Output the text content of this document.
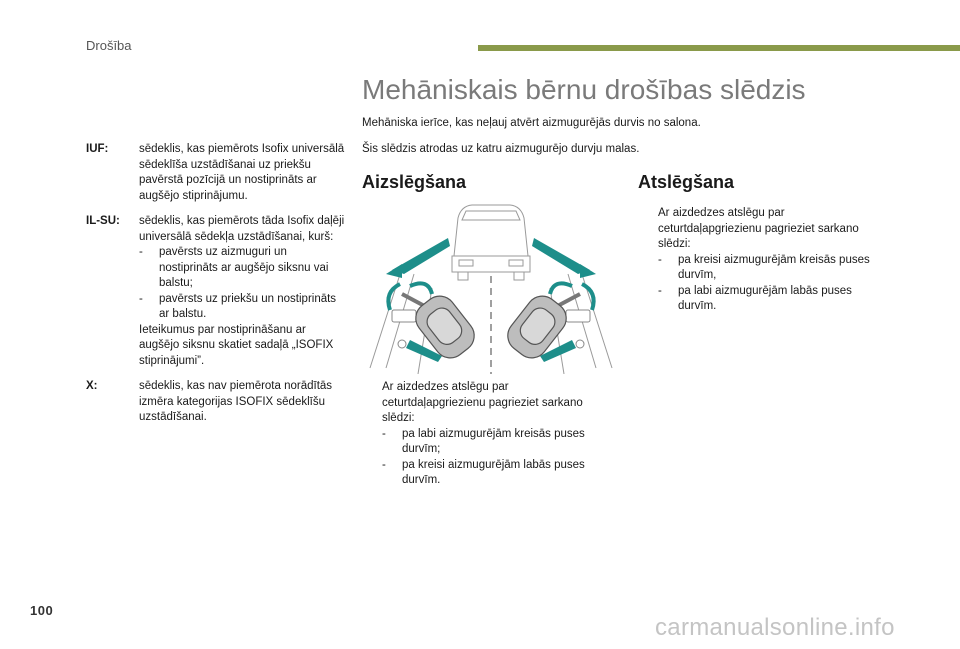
Drošība
IUF:	sēdeklis, kas piemērots Isofix universālā sēdeklīša uzstādīšanai uz priekšu pavērstā pozīcijā un nostiprināts ar augšējo stiprinājumu.
IL-SU:	sēdeklis, kas piemērots tāda Isofix daļēji universālā sēdekļa uzstādīšanai, kurš:
- pavērsts uz aizmuguri un nostiprināts ar augšējo siksnu vai balstu;
- pavērsts uz priekšu un nostiprināts ar balstu.
Ieteikumus par nostiprināšanu ar augšējo siksnu skatiet sadaļā „ISOFIX stiprinājumi”.
X:	sēdeklis, kas nav piemērota norādītās izmēra kategorijas ISOFIX sēdeklīšu uzstādīšanai.
Mehāniskais bērnu drošības slēdzis

Mehāniska ierīce, kas neļauj atvērt aizmugurējās durvis no salona.

Šis slēdzis atrodas uz katru aizmugurējo durvju malas.

Aizslēgšana	Atslēgšana
Ar aizdedzes atslēgu par ceturtdaļapgriezienu pagrieziet sarkano slēdzi:
- pa labi aizmugurējām kreisās puses durvīm;
- pa kreisi aizmugurējām labās puses durvīm.
Ar aizdedzes atslēgu par ceturtdaļapgriezienu pagrieziet sarkano slēdzi:
- pa kreisi aizmugurējām kreisās puses durvīm,
- pa labi aizmugurējām labās puses durvīm.
100
carmanualsonline.info
